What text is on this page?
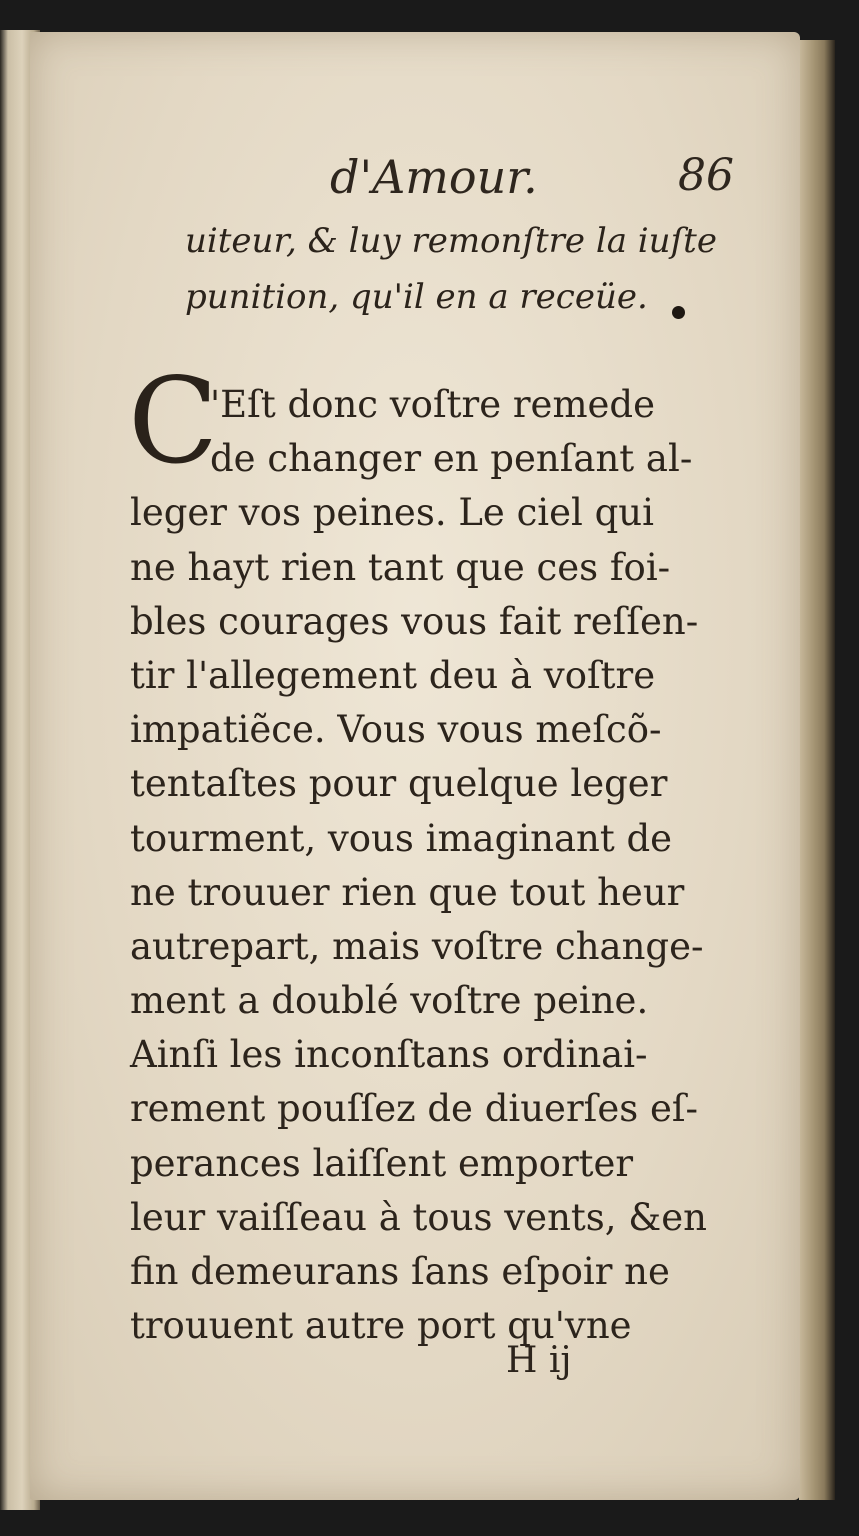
d'Amour.	86
uiteur, & luy remonſtre la iuſte
punition, qu'il en a receüe.
C
'Eſt donc voſtre remede
de changer en penſant al-
leger vos peines. Le ciel qui
ne hayt rien tant que ces foi-
bles courages vous fait reſſen-
tir l'allegement deu à voſtre
impatiẽce. Vous vous meſcõ-
tentaſtes pour quelque leger
tourment, vous imaginant de
ne trouuer rien que tout heur
autrepart, mais voſtre change-
ment a doublé voſtre peine.
Ainſi les inconſtans ordinai-
rement pouſſez de diuerſes eſ-
perances laiſſent emporter
leur vaiſſeau à tous vents, &en
fin demeurans ſans eſpoir ne
trouuent autre port qu'vne
H ij
